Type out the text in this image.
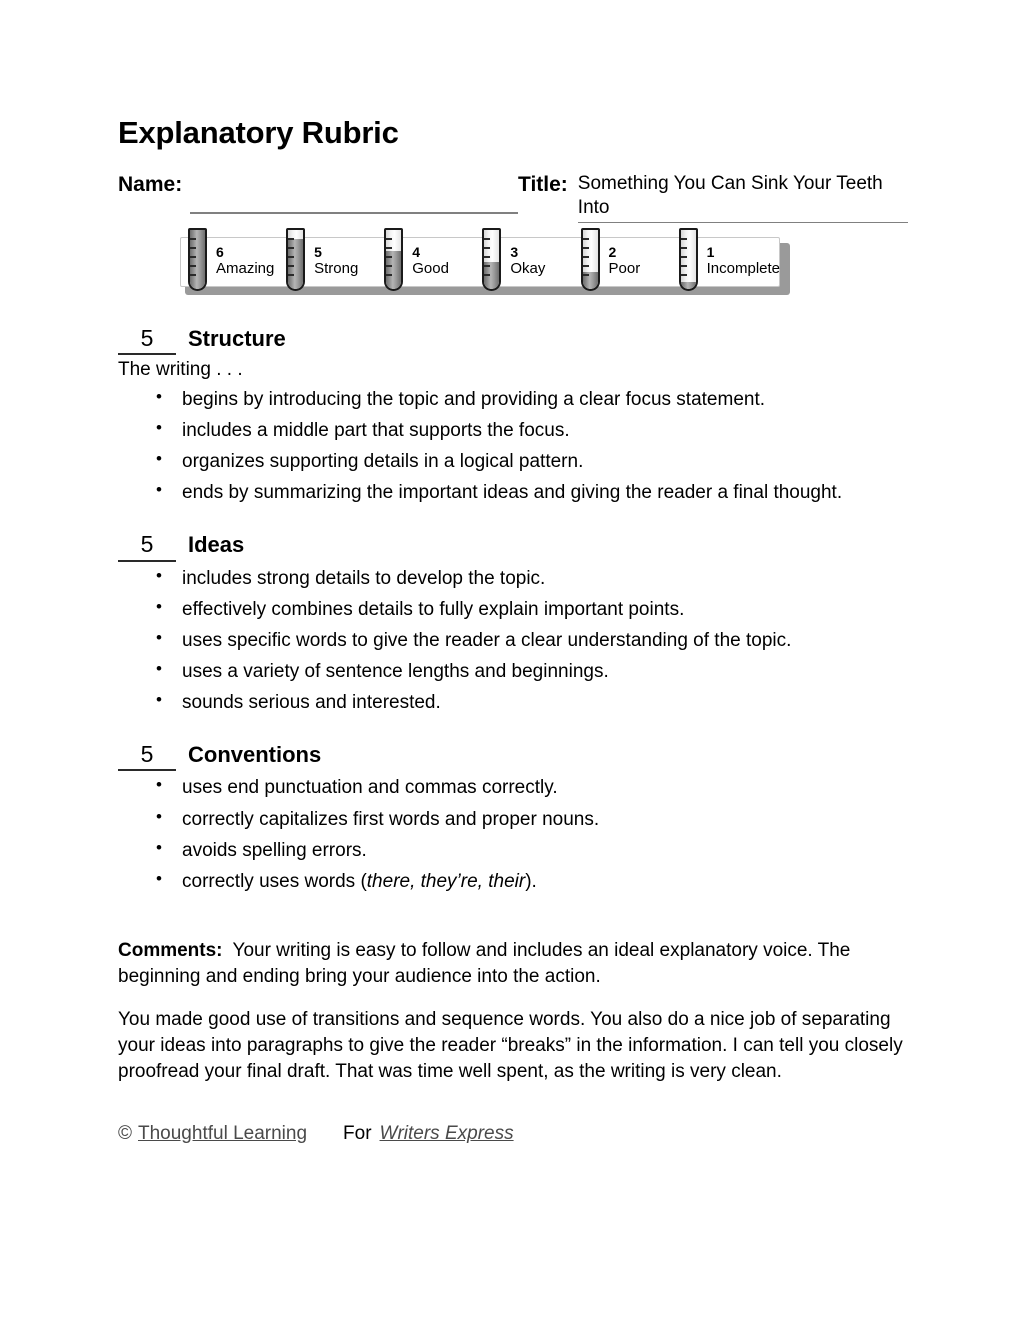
Explanatory Rubric
Name:	Title: Something You Can Sink Your Teeth Into
6
Amazing
5
Strong
4
Good
3
Okay
2
Poor
1
Incomplete
5	Structure

The writing . . .

• begins by introducing the topic and providing a clear focus statement.
• includes a middle part that supports the focus.
• organizes supporting details in a logical pattern.
• ends by summarizing the important ideas and giving the reader a final thought.
5	Ideas
• includes strong details to develop the topic.
• effectively combines details to fully explain important points.
• uses specific words to give the reader a clear understanding of the topic.
• uses a variety of sentence lengths and beginnings.
• sounds serious and interested.
5	Conventions
• uses end punctuation and commas correctly.
• correctly capitalizes first words and proper nouns.
• avoids spelling errors.
• correctly uses words (there, they’re, their).

Comments: Your writing is easy to follow and includes an ideal explanatory voice. The beginning and ending bring your audience into the action.

You made good use of transitions and sequence words. You also do a nice job of separating your ideas into paragraphs to give the reader “breaks” in the information. I can tell you closely proofread your final draft. That was time well spent, as the writing is very clean.

© Thoughtful Learning For Writers Express
